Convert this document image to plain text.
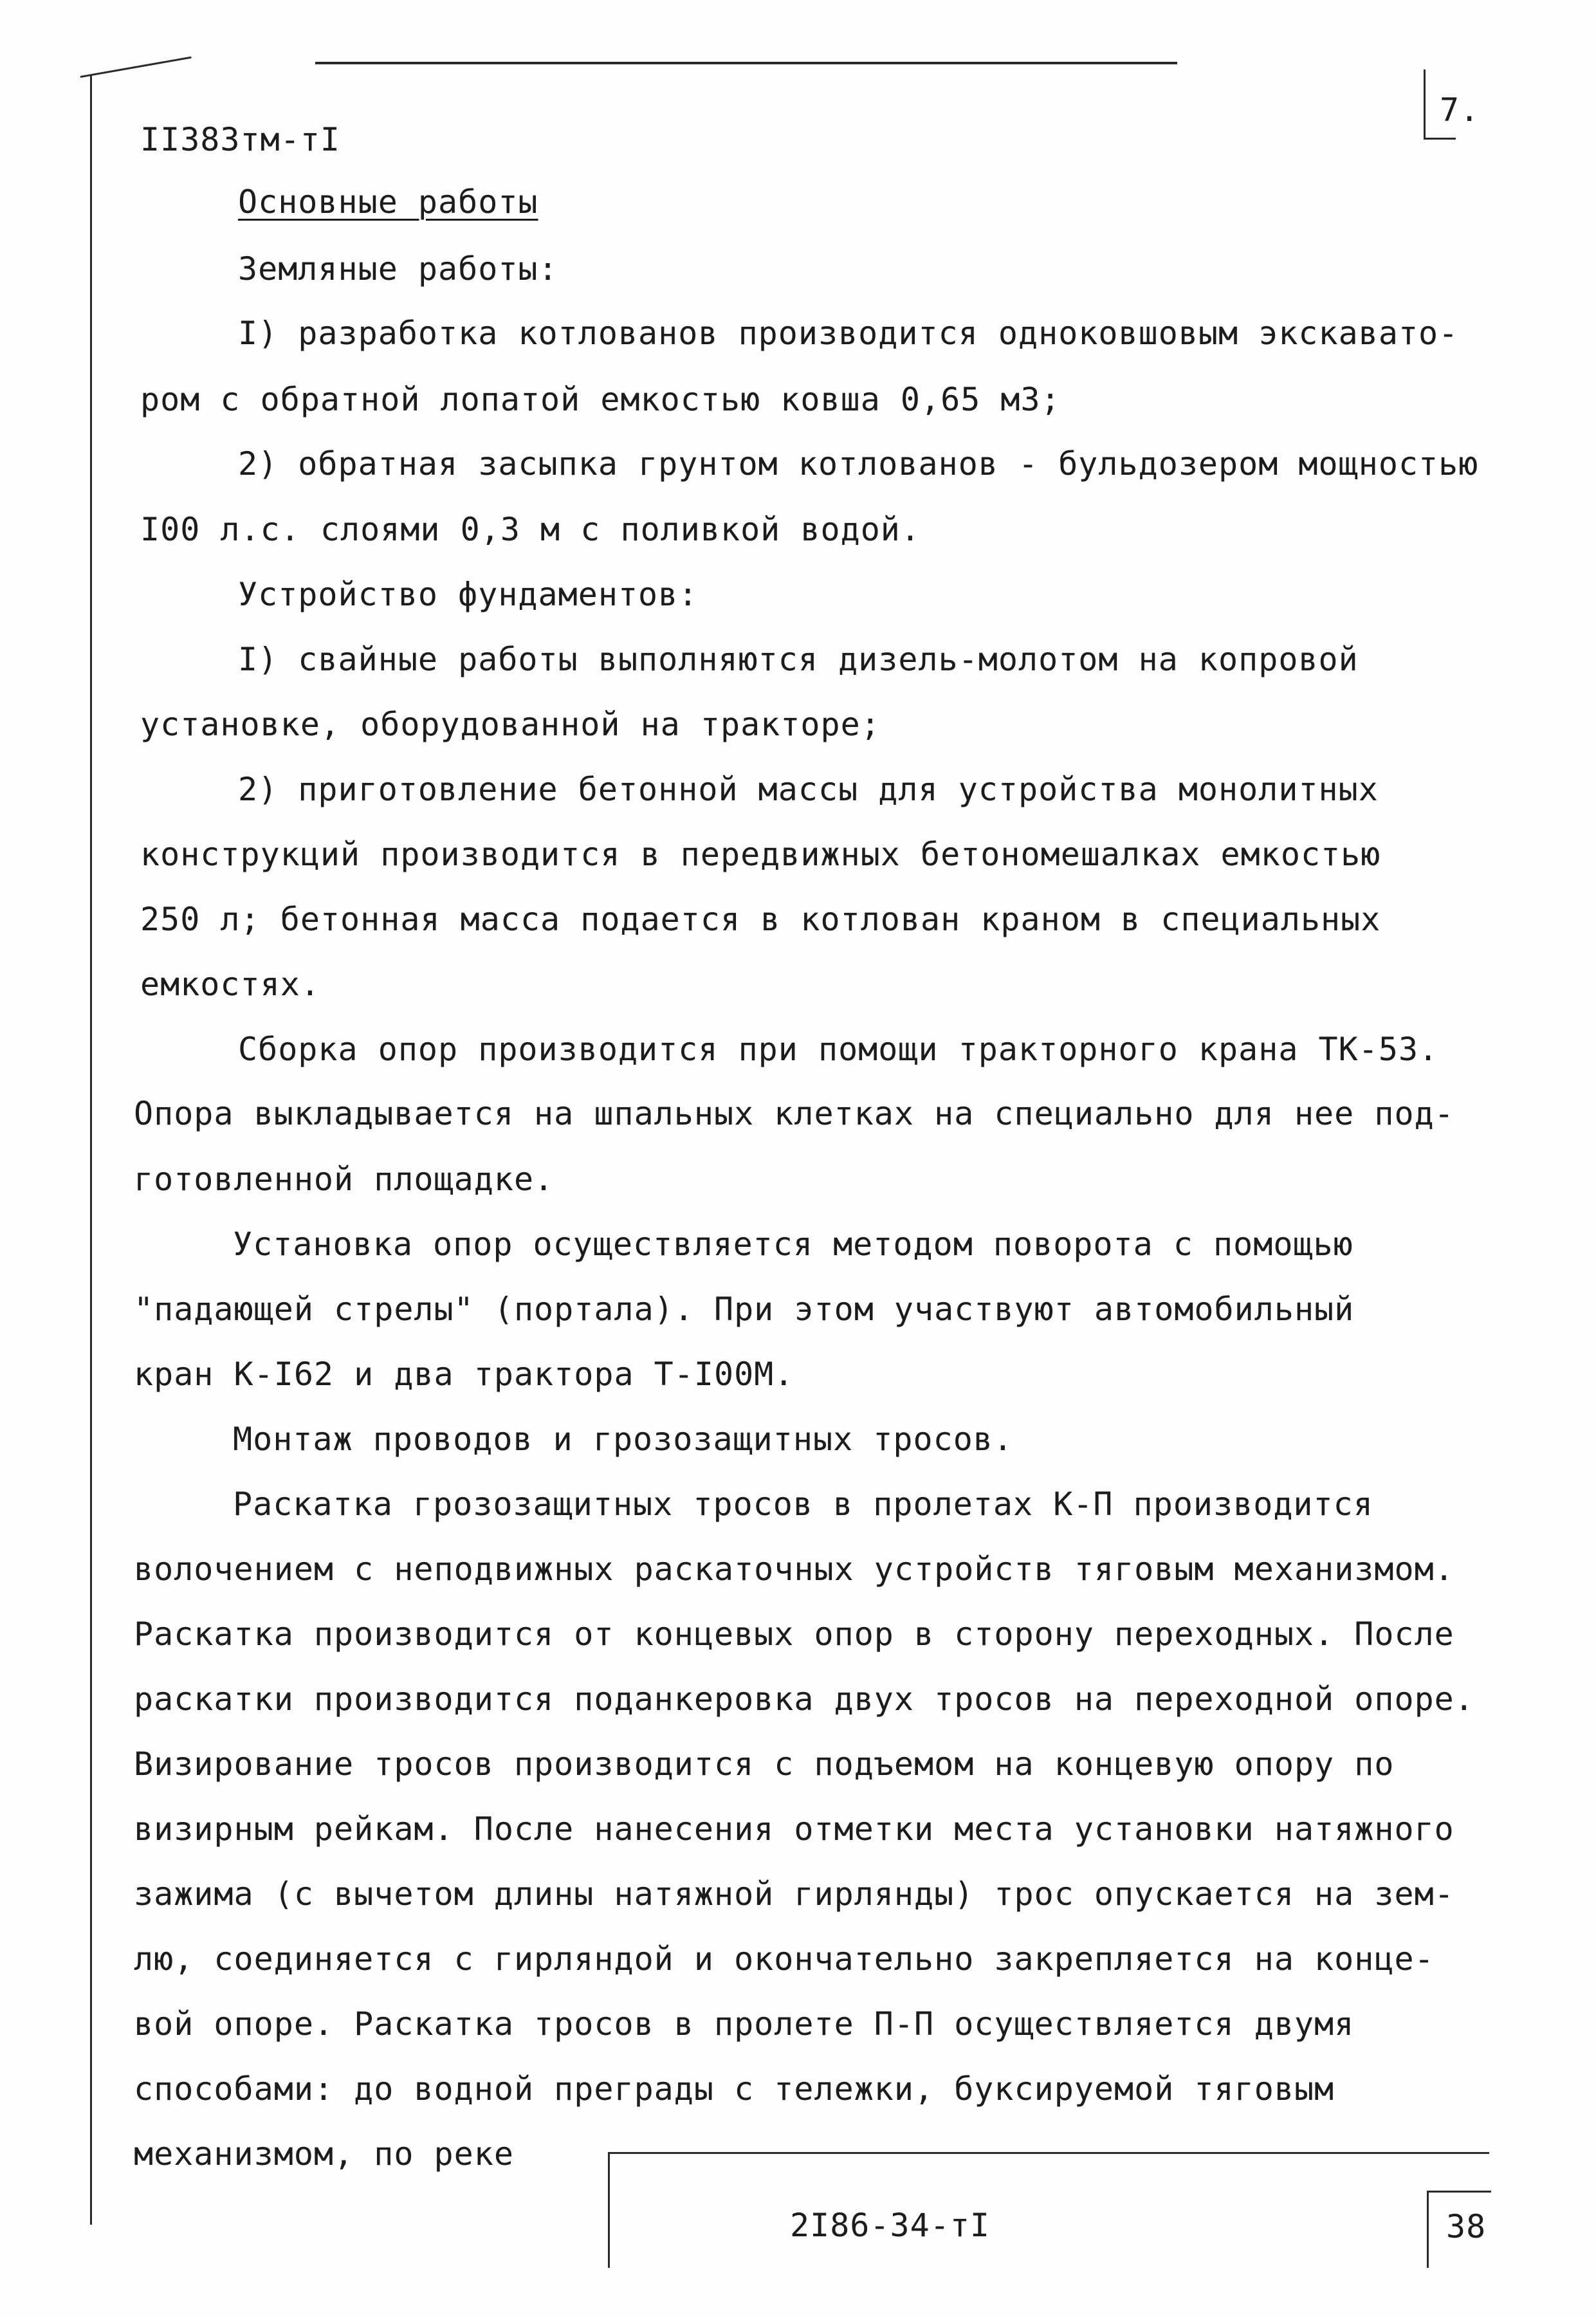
II383тм-тI
7.
Основные работы
Земляные работы:
I) разработка котлованов производится одноковшовым экскавато-
ром с обратной лопатой емкостью ковша 0,65 м3;
2) обратная засыпка грунтом котлованов - бульдозером мощностью
I00 л.с. слоями 0,3 м с поливкой водой.
Устройство фундаментов:
I) свайные работы выполняются дизель-молотом на копровой
установке, оборудованной на тракторе;
2) приготовление бетонной массы для устройства монолитных
конструкций производится в передвижных бетономешалках емкостью
250 л; бетонная масса подается в котлован краном в специальных
емкостях.
Сборка опор производится при помощи тракторного крана ТК-53.
Опора выкладывается на шпальных клетках на специально для нее под-
готовленной площадке.
Установка опор осуществляется методом поворота с помощью
"падающей стрелы" (портала). При этом участвуют автомобильный
кран К-I62 и два трактора Т-I00М.
Монтаж проводов и грозозащитных тросов.
Раскатка грозозащитных тросов в пролетах К-П производится
волочением с неподвижных раскаточных устройств тяговым механизмом.
Раскатка производится от концевых опор в сторону переходных. После
раскатки производится поданкеровка двух тросов на переходной опоре.
Визирование тросов производится с подъемом на концевую опору по
визирным рейкам. После нанесения отметки места установки натяжного
зажима (с вычетом длины натяжной гирлянды) трос опускается на зем-
лю, соединяется с гирляндой и окончательно закрепляется на конце-
вой опоре. Раскатка тросов в пролете П-П осуществляется двумя
способами: до водной преграды с тележки, буксируемой тяговым
механизмом, по реке
2I86-34-тI	38
